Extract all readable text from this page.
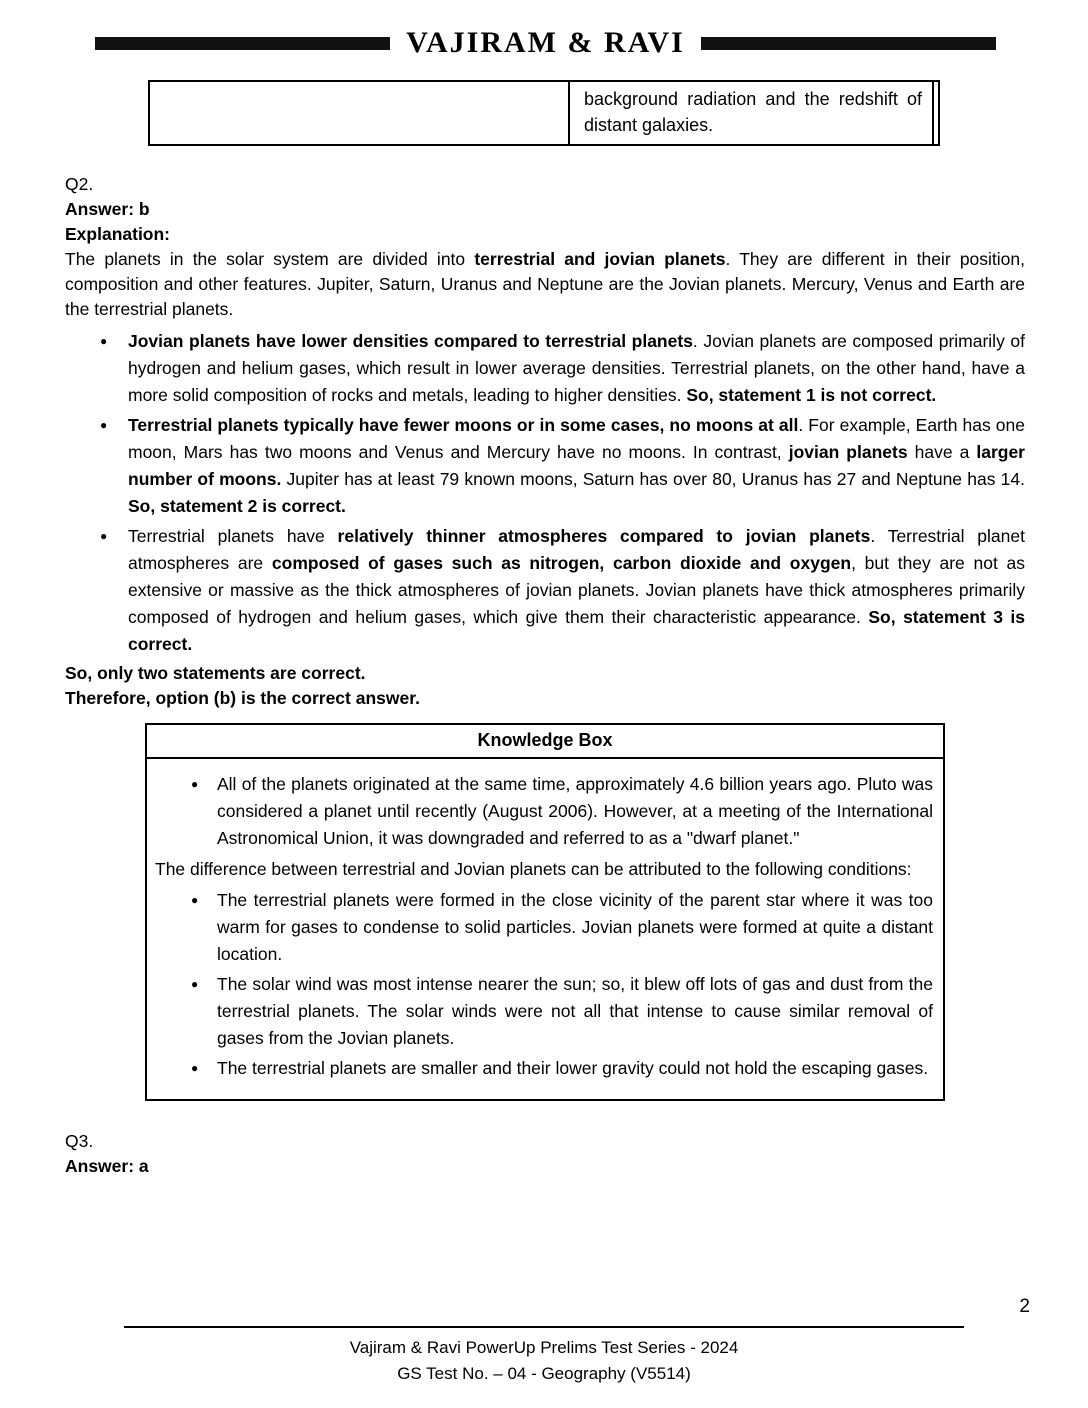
VAJIRAM & RAVI
background radiation and the redshift of distant galaxies.

Q2.

Answer: b

Explanation:

The planets in the solar system are divided into terrestrial and jovian planets. They are different in their position, composition and other features. Jupiter, Saturn, Uranus and Neptune are the Jovian planets. Mercury, Venus and Earth are the terrestrial planets.

● Jovian planets have lower densities compared to terrestrial planets. Jovian planets are composed primarily of hydrogen and helium gases, which result in lower average densities. Terrestrial planets, on the other hand, have a more solid composition of rocks and metals, leading to higher densities. So, statement 1 is not correct.
● Terrestrial planets typically have fewer moons or in some cases, no moons at all. For example, Earth has one moon, Mars has two moons and Venus and Mercury have no moons. In contrast, jovian planets have a larger number of moons. Jupiter has at least 79 known moons, Saturn has over 80, Uranus has 27 and Neptune has 14. So, statement 2 is correct.
● Terrestrial planets have relatively thinner atmospheres compared to jovian planets. Terrestrial planet atmospheres are composed of gases such as nitrogen, carbon dioxide and oxygen, but they are not as extensive or massive as the thick atmospheres of jovian planets. Jovian planets have thick atmospheres primarily composed of hydrogen and helium gases, which give them their characteristic appearance. So, statement 3 is correct.

So, only two statements are correct.

Therefore, option (b) is the correct answer.

Knowledge Box
● All of the planets originated at the same time, approximately 4.6 billion years ago. Pluto was considered a planet until recently (August 2006). However, at a meeting of the International Astronomical Union, it was downgraded and referred to as a "dwarf planet."

The difference between terrestrial and Jovian planets can be attributed to the following conditions:

● The terrestrial planets were formed in the close vicinity of the parent star where it was too warm for gases to condense to solid particles. Jovian planets were formed at quite a distant location.
● The solar wind was most intense nearer the sun; so, it blew off lots of gas and dust from the terrestrial planets. The solar winds were not all that intense to cause similar removal of gases from the Jovian planets.
● The terrestrial planets are smaller and their lower gravity could not hold the escaping gases.

Q3.

Answer: a

2
Vajiram & Ravi PowerUp Prelims Test Series - 2024
GS Test No. – 04 - Geography (V5514)
